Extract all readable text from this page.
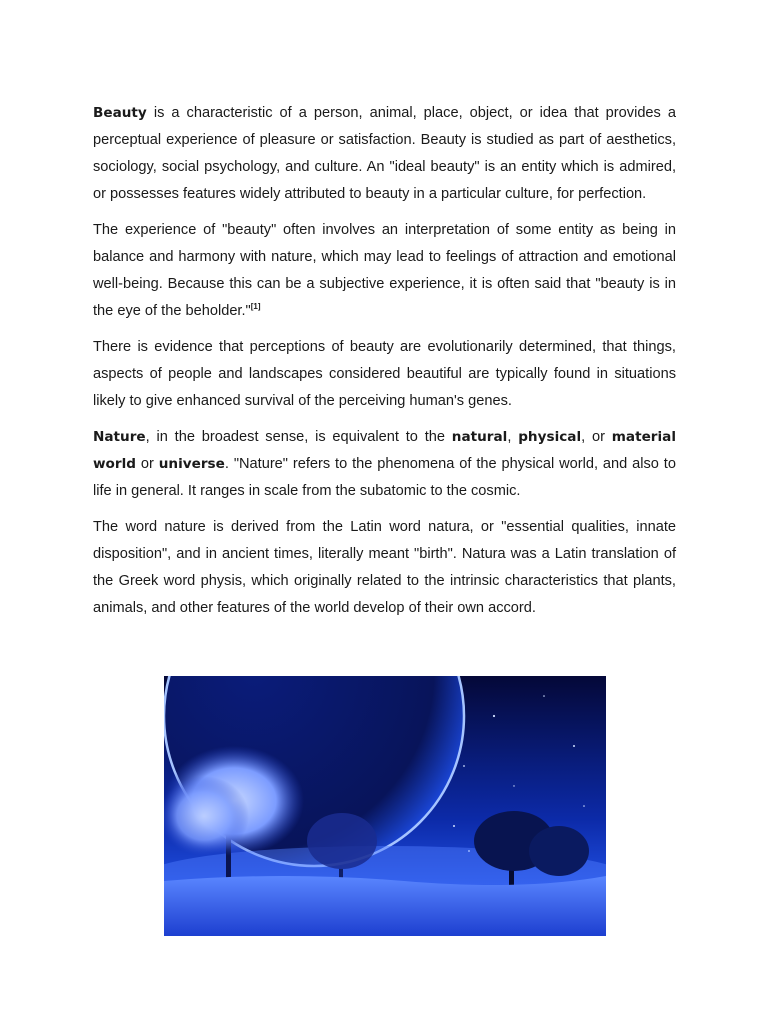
Beauty is a characteristic of a person, animal, place, object, or idea that provides a perceptual experience of pleasure or satisfaction. Beauty is studied as part of aesthetics, sociology, social psychology, and culture. An "ideal beauty" is an entity which is admired, or possesses features widely attributed to beauty in a particular culture, for perfection.

The experience of "beauty" often involves an interpretation of some entity as being in balance and harmony with nature, which may lead to feelings of attraction and emotional well-being. Because this can be a subjective experience, it is often said that "beauty is in the eye of the beholder."[1]

There is evidence that perceptions of beauty are evolutionarily determined, that things, aspects of people and landscapes considered beautiful are typically found in situations likely to give enhanced survival of the perceiving human's genes.

Nature, in the broadest sense, is equivalent to the natural, physical, or material world or universe. "Nature" refers to the phenomena of the physical world, and also to life in general. It ranges in scale from the subatomic to the cosmic.

The word nature is derived from the Latin word natura, or "essential qualities, innate disposition", and in ancient times, literally meant "birth". Natura was a Latin translation of the Greek word physis, which originally related to the intrinsic characteristics that plants, animals, and other features of the world develop of their own accord.
